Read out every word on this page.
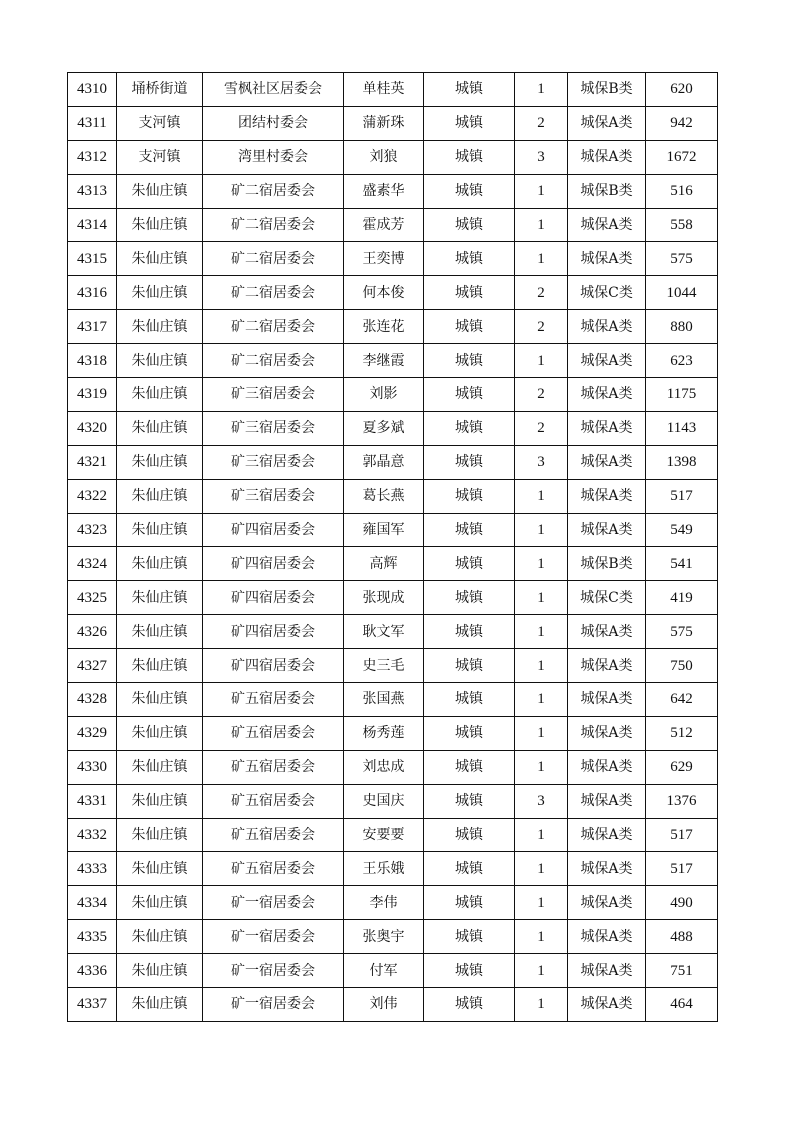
4310	埇桥街道	雪枫社区居委会	单桂英	城镇	1	城保B类	620
4311	支河镇	团结村委会	蒲新珠	城镇	2	城保A类	942
4312	支河镇	湾里村委会	刘狼	城镇	3	城保A类	1672
4313	朱仙庄镇	矿二宿居委会	盛素华	城镇	1	城保B类	516
4314	朱仙庄镇	矿二宿居委会	霍成芳	城镇	1	城保A类	558
4315	朱仙庄镇	矿二宿居委会	王奕博	城镇	1	城保A类	575
4316	朱仙庄镇	矿二宿居委会	何本俊	城镇	2	城保C类	1044
4317	朱仙庄镇	矿二宿居委会	张连花	城镇	2	城保A类	880
4318	朱仙庄镇	矿二宿居委会	李继霞	城镇	1	城保A类	623
4319	朱仙庄镇	矿三宿居委会	刘影	城镇	2	城保A类	1175
4320	朱仙庄镇	矿三宿居委会	夏多斌	城镇	2	城保A类	1143
4321	朱仙庄镇	矿三宿居委会	郭晶意	城镇	3	城保A类	1398
4322	朱仙庄镇	矿三宿居委会	葛长燕	城镇	1	城保A类	517
4323	朱仙庄镇	矿四宿居委会	雍国军	城镇	1	城保A类	549
4324	朱仙庄镇	矿四宿居委会	高辉	城镇	1	城保B类	541
4325	朱仙庄镇	矿四宿居委会	张现成	城镇	1	城保C类	419
4326	朱仙庄镇	矿四宿居委会	耿文军	城镇	1	城保A类	575
4327	朱仙庄镇	矿四宿居委会	史三毛	城镇	1	城保A类	750
4328	朱仙庄镇	矿五宿居委会	张国燕	城镇	1	城保A类	642
4329	朱仙庄镇	矿五宿居委会	杨秀莲	城镇	1	城保A类	512
4330	朱仙庄镇	矿五宿居委会	刘忠成	城镇	1	城保A类	629
4331	朱仙庄镇	矿五宿居委会	史国庆	城镇	3	城保A类	1376
4332	朱仙庄镇	矿五宿居委会	安要要	城镇	1	城保A类	517
4333	朱仙庄镇	矿五宿居委会	王乐娥	城镇	1	城保A类	517
4334	朱仙庄镇	矿一宿居委会	李伟	城镇	1	城保A类	490
4335	朱仙庄镇	矿一宿居委会	张奥宇	城镇	1	城保A类	488
4336	朱仙庄镇	矿一宿居委会	付军	城镇	1	城保A类	751
4337	朱仙庄镇	矿一宿居委会	刘伟	城镇	1	城保A类	464
